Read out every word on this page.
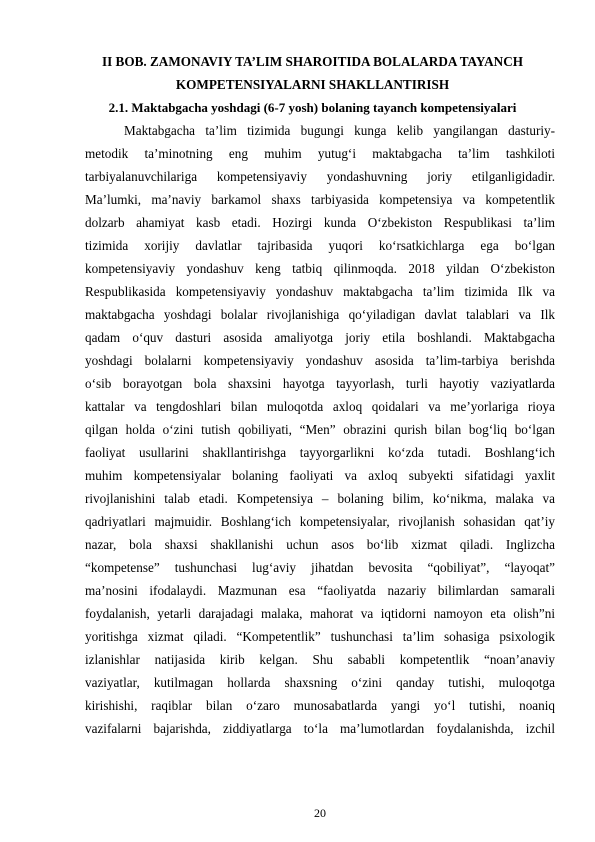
II BOB. ZAMONAVIY TA’LIM SHAROITIDA BOLALARDA TAYANCH
KOMPETENSIYALARNI SHAKLLANTIRISH
2.1. Maktabgacha yoshdagi (6-7 yosh) bolaning tayanch kompetensiyalari
Maktabgacha ta’lim tizimida bugungi kunga kelib yangilangan dasturiy-
metodik ta’minotning eng muhim yutug‘i maktabgacha ta’lim tashkiloti
tarbiyalanuvchilariga kompetensiyaviy yondashuvning joriy etilganligidadir.
Ma’lumki, ma’naviy barkamol shaxs tarbiyasida kompetensiya va kompetentlik
dolzarb ahamiyat kasb etadi. Hozirgi kunda O‘zbekiston Respublikasi ta’lim
tizimida xorijiy davlatlar tajribasida yuqori ko‘rsatkichlarga ega bo‘lgan
kompetensiyaviy yondashuv keng tatbiq qilinmoqda. 2018 yildan O‘zbekiston
Respublikasida kompetensiyaviy yondashuv maktabgacha ta’lim tizimida Ilk va
maktabgacha yoshdagi bolalar rivojlanishiga qo‘yiladigan davlat talablari va Ilk
qadam o‘quv dasturi asosida amaliyotga joriy etila boshlandi. Maktabgacha
yoshdagi bolalarni kompetensiyaviy yondashuv asosida ta’lim-tarbiya berishda
o‘sib borayotgan bola shaxsini hayotga tayyorlash, turli hayotiy vaziyatlarda
kattalar va tengdoshlari bilan muloqotda axloq qoidalari va me’yorlariga rioya
qilgan holda o‘zini tutish qobiliyati, “Men” obrazini qurish bilan bog‘liq bo‘lgan
faoliyat usullarini shakllantirishga tayyorgarlikni ko‘zda tutadi. Boshlang‘ich
muhim kompetensiyalar bolaning faoliyati va axloq subyekti sifatidagi yaxlit
rivojlanishini talab etadi. Kompetensiya – bolaning bilim, ko‘nikma, malaka va
qadriyatlari majmuidir. Boshlang‘ich kompetensiyalar, rivojlanish sohasidan qat’iy
nazar, bola shaxsi shakllanishi uchun asos bo‘lib xizmat qiladi. Inglizcha
“kompetense” tushunchasi lug‘aviy jihatdan bevosita “qobiliyat”, “layoqat”
ma’nosini ifodalaydi. Mazmunan esa “faoliyatda nazariy bilimlardan samarali
foydalanish, yetarli darajadagi malaka, mahorat va iqtidorni namoyon eta olish”ni
yoritishga xizmat qiladi. “Kompetentlik” tushunchasi ta’lim sohasiga psixologik
izlanishlar natijasida kirib kelgan. Shu sababli kompetentlik “noan’anaviy
vaziyatlar, kutilmagan hollarda shaxsning o‘zini qanday tutishi, muloqotga
kirishishi, raqiblar bilan o‘zaro munosabatlarda yangi yo‘l tutishi, noaniq
vazifalarni bajarishda, ziddiyatlarga to‘la ma’lumotlardan foydalanishda, izchil
20
